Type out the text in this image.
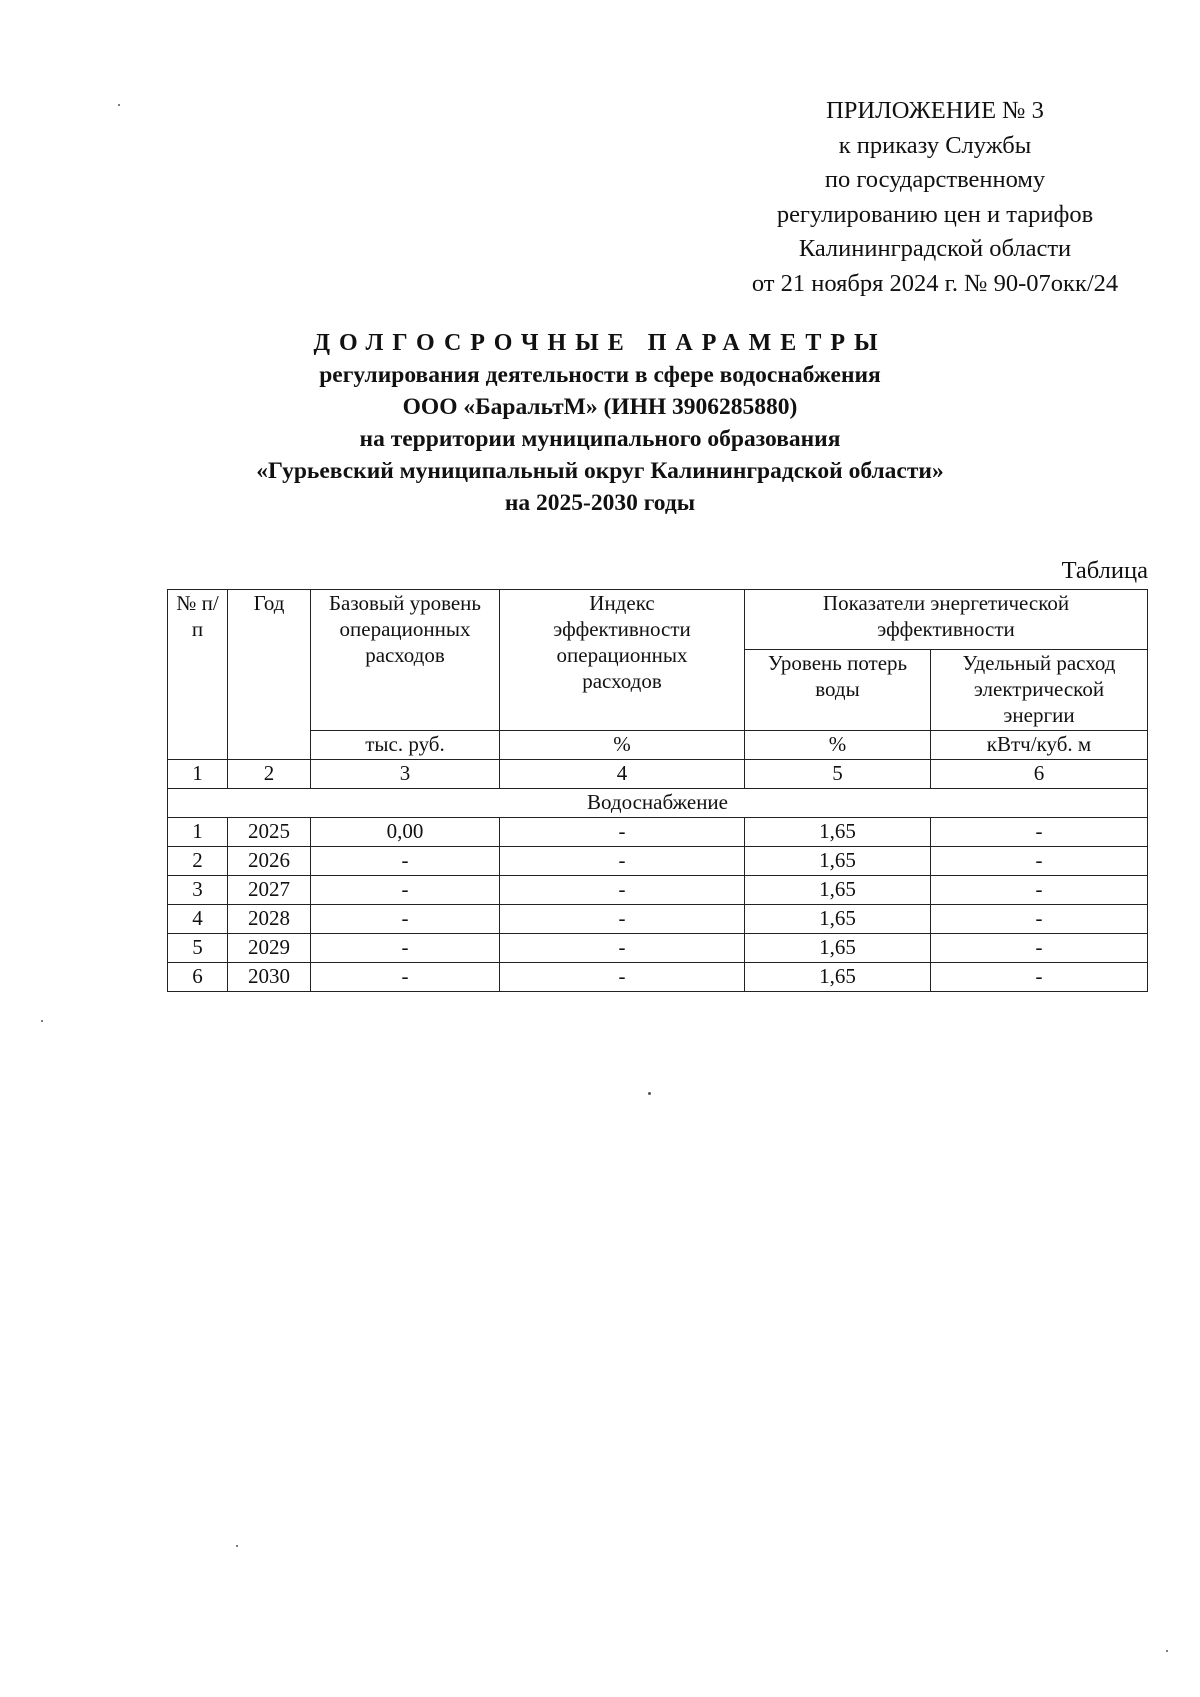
ПРИЛОЖЕНИЕ № 3
к приказу Службы
по государственному
регулированию цен и тарифов
Калининградской области
от 21 ноября 2024 г. № 90-07окк/24
ДОЛГОСРОЧНЫЕ ПАРАМЕТРЫ
регулирования деятельности в сфере водоснабжения
ООО «БаральтМ» (ИНН 3906285880)
на территории муниципального образования
«Гурьевский муниципальный округ Калининградской области»
на 2025-2030 годы
Таблица
№ п/п	Год	Базовый уровень операционных расходов	Индекс эффективности операционных расходов	Показатели энергетической эффективности	
				Уровень потерь воды	Удельный расход электрической энергии
		тыс. руб.	%	%	кВтч/куб. м
1	2	3	4	5	6
Водоснабжение					
1	2025	0,00	-	1,65	-
2	2026	-	-	1,65	-
3	2027	-	-	1,65	-
4	2028	-	-	1,65	-
5	2029	-	-	1,65	-
6	2030	-	-	1,65	-
